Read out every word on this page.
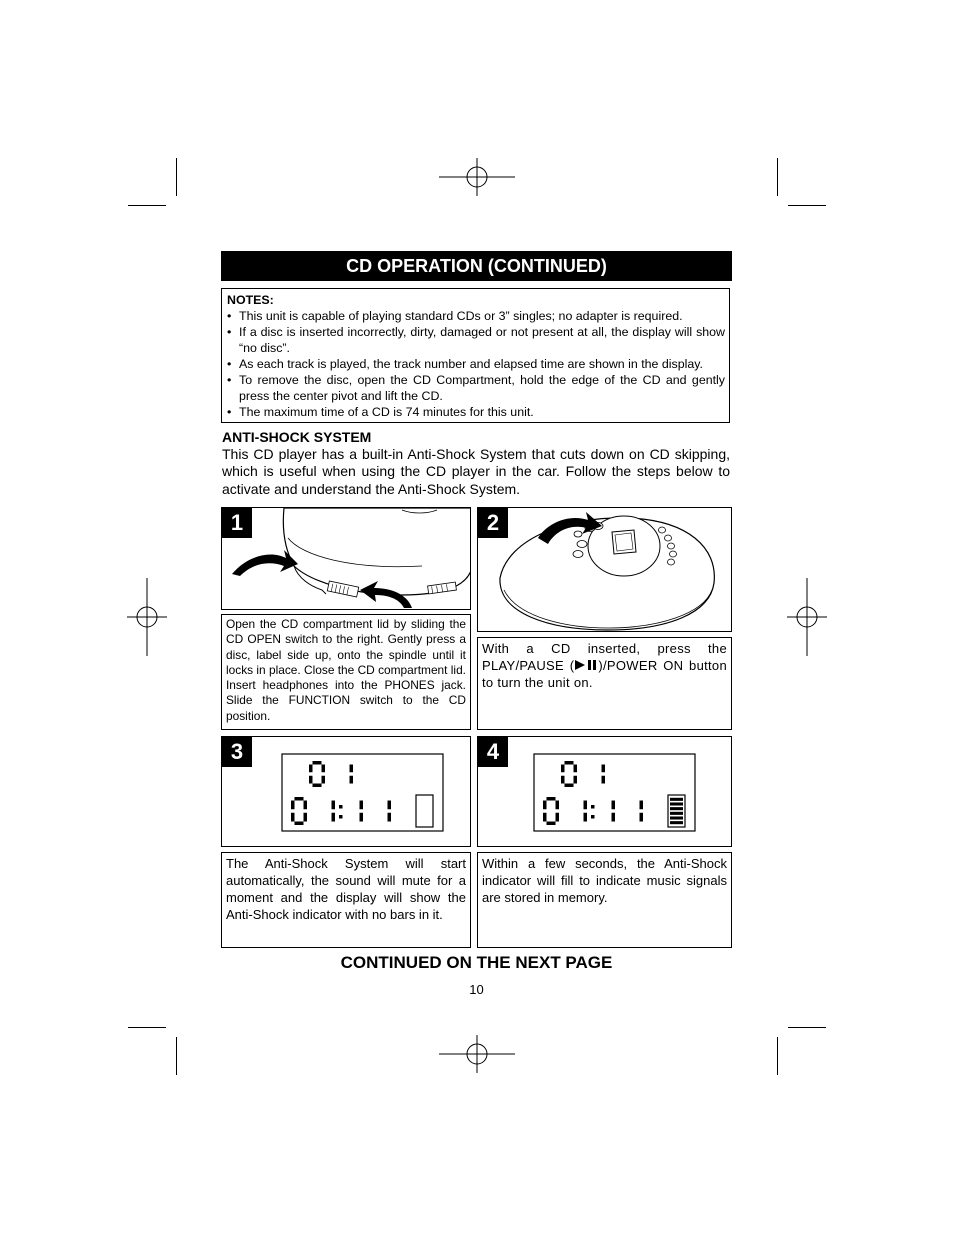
CD OPERATION (CONTINUED)
NOTES:
• This unit is capable of playing standard CDs or 3” singles; no adapter is required.
• If a disc is inserted incorrectly, dirty, damaged or not present at all, the display will show “no disc”.
• As each track is played, the track number and elapsed time are shown in the display.
• To remove the disc, open the CD Compartment, hold the edge of the CD and gently press the center pivot and lift the CD.
• The maximum time of a CD is 74 minutes for this unit.
ANTI-SHOCK SYSTEM
This CD player has a built-in Anti-Shock System that cuts down on CD skipping, which is useful when using the CD player in the car. Follow the steps below to activate and understand the Anti-Shock System.
1	2
Open the CD compartment lid by sliding the CD OPEN switch to the right. Gently press a disc, label side up, onto the spindle until it locks in place. Close the CD compartment lid. Insert headphones into the PHONES jack. Slide the FUNCTION switch to the CD position.
With a CD inserted, press the PLAY/PAUSE ( )/POWER ON button to turn the unit on.
3	4
The Anti-Shock System will start automatically, the sound will mute for a moment and the display will show the Anti-Shock indicator with no bars in it.
Within a few seconds, the Anti-Shock indicator will fill to indicate music signals are stored in memory.
CONTINUED ON THE NEXT PAGE
10
